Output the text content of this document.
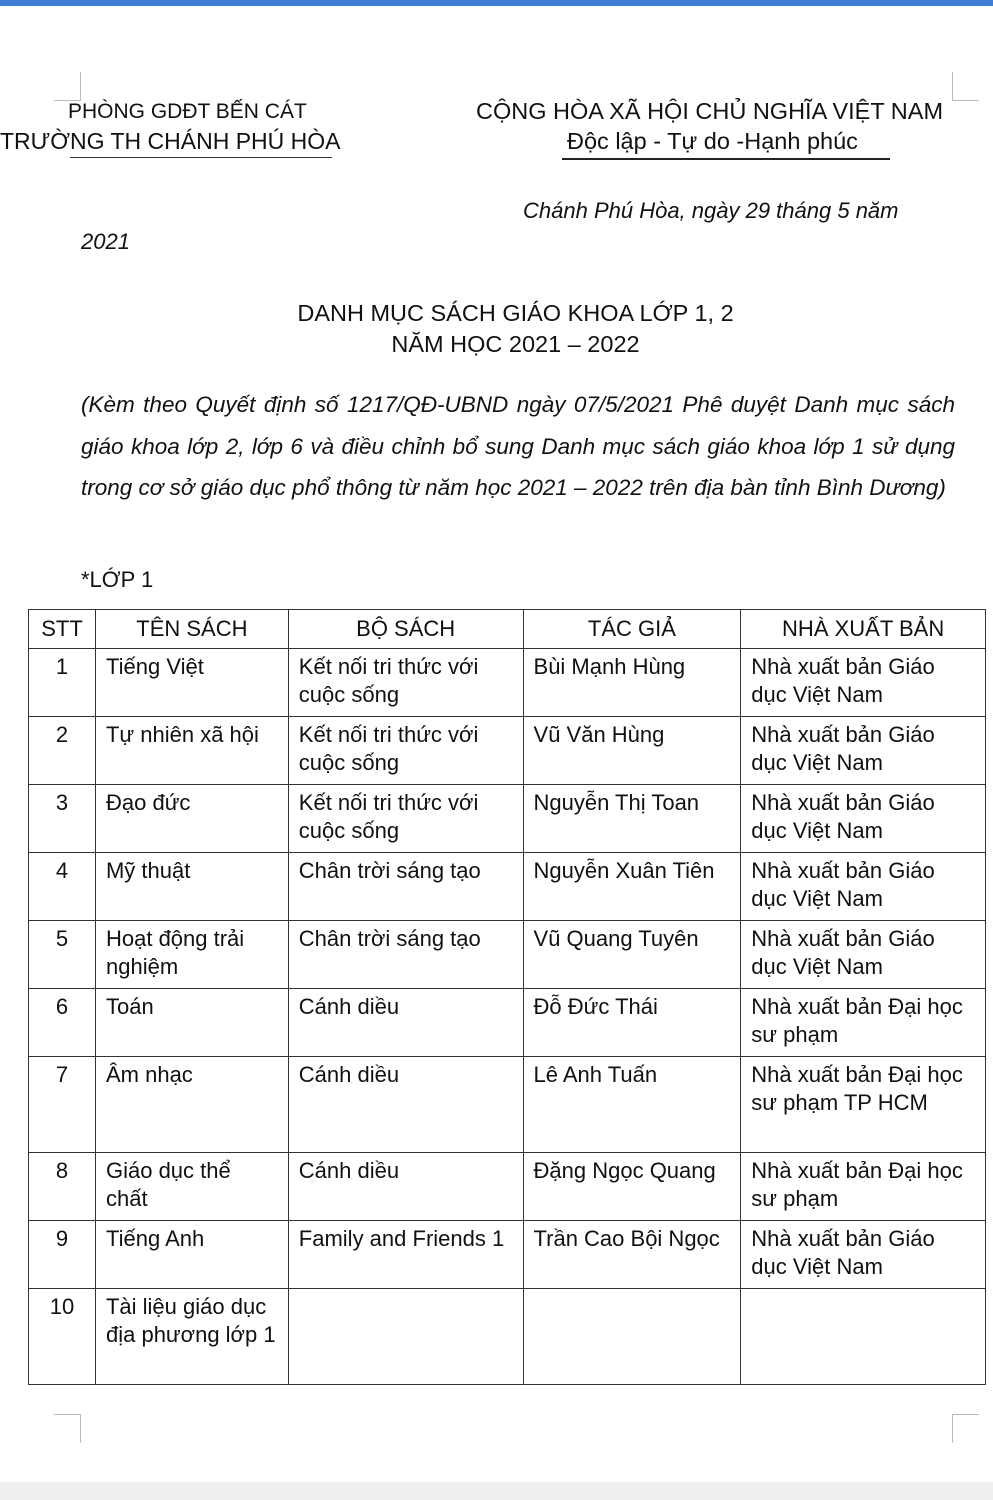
PHÒNG GDĐT BẾN CÁT
TRƯỜNG TH CHÁNH PHÚ HÒA
CỘNG HÒA XÃ HỘI CHỦ NGHĨA VIỆT NAM
Độc lập - Tự do -Hạnh phúc
Chánh Phú Hòa, ngày 29 tháng 5 năm
2021
DANH MỤC SÁCH GIÁO KHOA LỚP 1, 2
NĂM HỌC 2021 – 2022
(Kèm theo Quyết định số 1217/QĐ-UBND ngày 07/5/2021 Phê duyệt Danh mục sách giáo khoa lớp 2, lớp 6 và điều chỉnh bổ sung Danh mục sách giáo khoa lớp 1 sử dụng trong cơ sở giáo dục phổ thông từ năm học 2021 – 2022 trên địa bàn tỉnh Bình Dương)
*LỚP 1
STT	TÊN SÁCH	BỘ SÁCH	TÁC GIẢ	NHÀ XUẤT BẢN
1	Tiếng Việt	Kết nối tri thức với cuộc sống	Bùi Mạnh Hùng	Nhà xuất bản Giáo dục Việt Nam
2	Tự nhiên xã hội	Kết nối tri thức với cuộc sống	Vũ Văn Hùng	Nhà xuất bản Giáo dục Việt Nam
3	Đạo đức	Kết nối tri thức với cuộc sống	Nguyễn Thị Toan	Nhà xuất bản Giáo dục Việt Nam
4	Mỹ thuật	Chân trời sáng tạo	Nguyễn Xuân Tiên	Nhà xuất bản Giáo dục Việt Nam
5	Hoạt động trải nghiệm	Chân trời sáng tạo	Vũ Quang Tuyên	Nhà xuất bản Giáo dục Việt Nam
6	Toán	Cánh diều	Đỗ Đức Thái	Nhà xuất bản Đại học sư phạm
7	Âm nhạc	Cánh diều	Lê Anh Tuấn	Nhà xuất bản Đại học sư phạm TP HCM
8	Giáo dục thể chất	Cánh diều	Đặng Ngọc Quang	Nhà xuất bản Đại học sư phạm
9	Tiếng Anh	Family and Friends 1	Trần Cao Bội Ngọc	Nhà xuất bản Giáo dục Việt Nam
10	Tài liệu giáo dục địa phương lớp 1			
